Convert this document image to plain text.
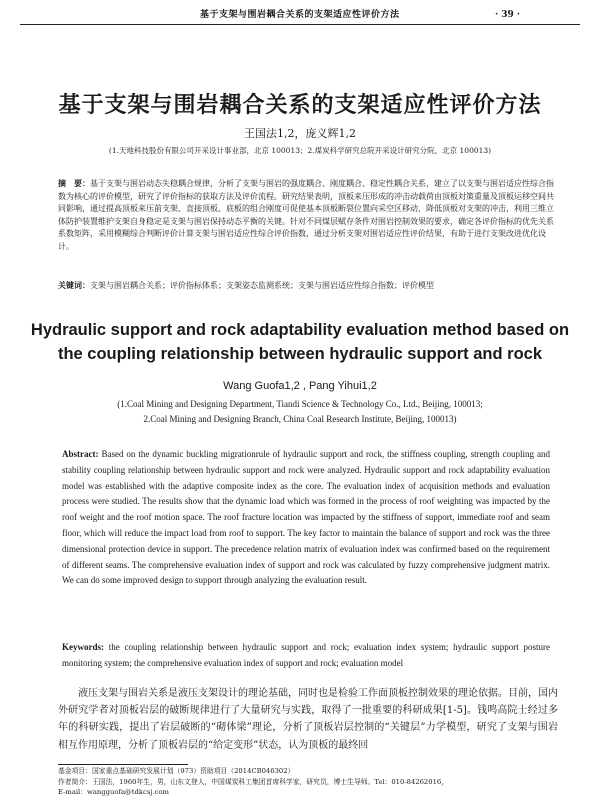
基于支架与围岩耦合关系的支架适应性评价方法	· 39 ·
基于支架与围岩耦合关系的支架适应性评价方法
王国法1,2，庞义辉1,2
(1.天地科技股份有限公司开采设计事业部，北京 100013；2.煤炭科学研究总院开采设计研究分院，北京 100013)
摘　要：基于支架与围岩动态失稳耦合规律，分析了支架与围岩的强度耦合、刚度耦合、稳定性耦合关系，建立了以支架与围岩适应性综合指数为核心的评价模型，研究了评价指标的获取方法及评价流程。研究结果表明，顶板来压形成的冲击动载荷由顶板対策重量及顶板运移空间共同影响，通过提高顶板来压前支架、直接顶板、底板的组合刚度可促使基本顶板断裂位置向采空区移动，降低顶板对支架的冲击，利用三维立体防护装置维护支架自身稳定是支架与围岩保持动态平衡的关键。针对不同煤层赋存条件对围岩控制效果的要求，确定各评价指标的优先关系系数矩阵，采用模糊综合判断评价计算支架与围岩适应性综合评价指数，通过分析支架对围岩适应性评价结果，有助于进行支架改进优化设计。
关键词：支架与围岩耦合关系；评价指标体系；支架姿态监测系统；支架与围岩适应性综合指数；评价模型
Hydraulic support and rock adaptability evaluation method based on the coupling relationship between hydraulic support and rock
Wang Guofa1,2 , Pang Yihui1,2
(1.Coal Mining and Designing Department, Tiandi Science & Technology Co., Ltd., Beijing, 100013;
2.Coal Mining and Designing Branch, China Coal Research Institute, Beijing, 100013)
Abstract: Based on the dynamic buckling migrationrule of hydraulic support and rock, the stiffness coupling, strength coupling and stability coupling relationship between hydraulic support and rock were analyzed. Hydraulic support and rock adaptability evaluation model was established with the adaptive composite index as the core. The evaluation index of acquisition methods and evaluation process were studied. The results show that the dynamic load which was formed in the process of roof weighting was impacted by the roof weight and the roof motion space. The roof fracture location was impacted by the stiffness of support, immediate roof and seam floor, which will reduce the impact load from roof to support. The key factor to maintain the balance of support and rock was the three dimensional protection device in support. The precedence relation matrix of evaluation index was confirmed based on the requirement of different seams. The comprehensive evaluation index of support and rock was calculated by fuzzy comprehensive judgment matrix. We can do some improved design to support through analyzing the evaluation result.
Keywords: the coupling relationship between hydraulic support and rock; evaluation index system; hydraulic support posture monitoring system; the comprehensive evaluation index of support and rock; evaluation model
液压支架与围岩关系是液压支架设计的理论基础，同时也是检验工作面顶板控制效果的理论依据。目前，国内外研究学者对顶板岩层的破断规律进行了大量研究与实践，取得了一批重要的科研成果[1-5]。钱鸣高院士经过多年的科研实践，提出了岩层破断的“砌体梁”理论，分析了顶板岩层控制的“关键层”力学模型，研究了支架与围岩相互作用原理，分析了顶板岩层的“给定变形”状态，认为顶板的最终回
基金项目：国家重点基础研究发展计划（973）资助项目（2014CB046302）
作者简介：王国法，1960年生，男，山东文登人，中国煤炭科工集团首席科学家，研究员，博士生导师。Tel：010-84262016，
E-mail：wangguofa@tdkcsj.com
